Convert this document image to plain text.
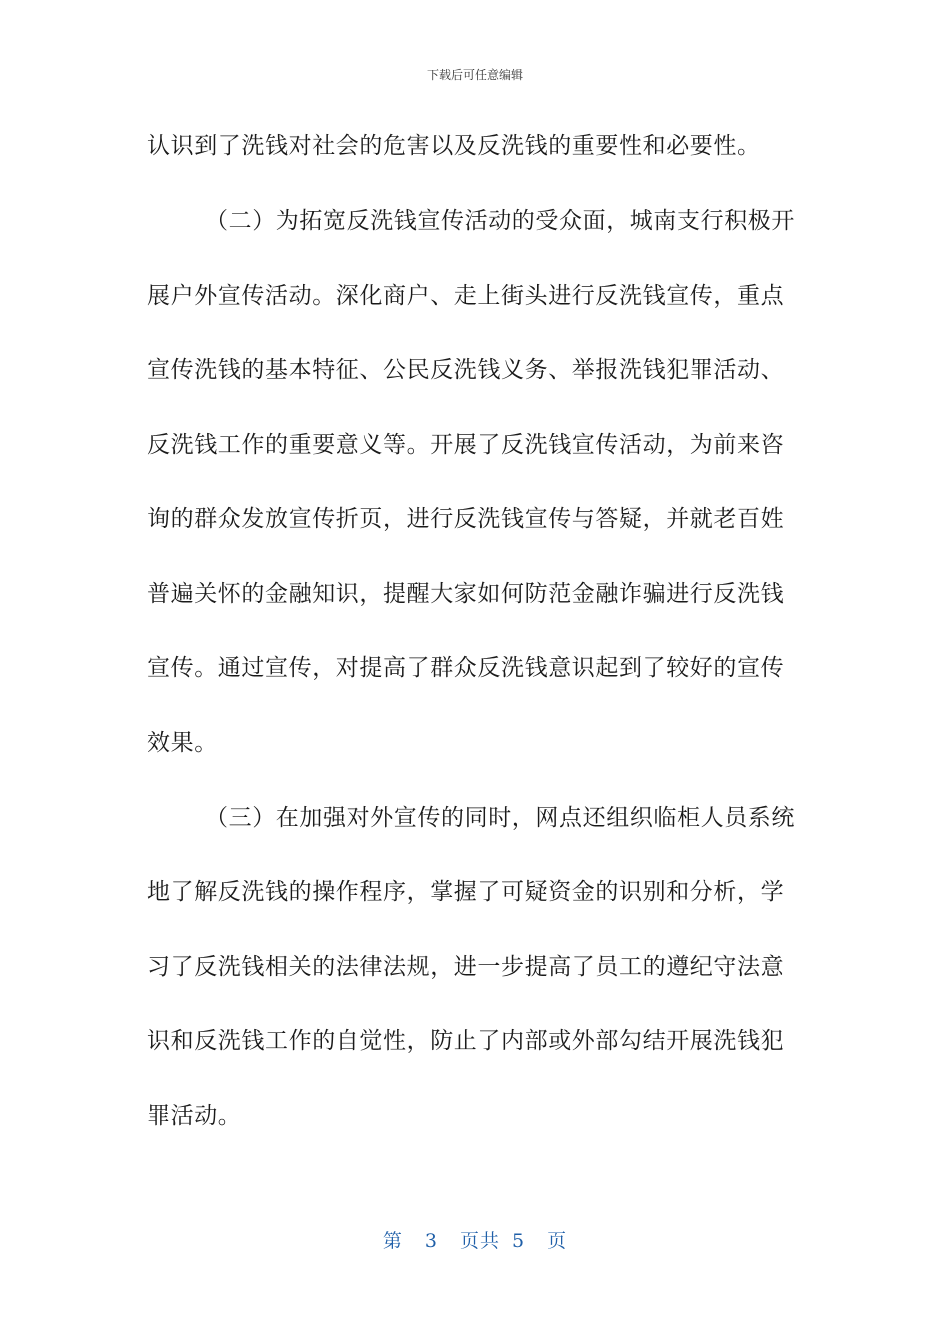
下载后可任意编辑
认识到了洗钱对社会的危害以及反洗钱的重要性和必要性。
（二）为拓宽反洗钱宣传活动的受众面，城南支行积极开
展户外宣传活动。深化商户、走上街头进行反洗钱宣传，重点
宣传洗钱的基本特征、公民反洗钱义务、举报洗钱犯罪活动、
反洗钱工作的重要意义等。开展了反洗钱宣传活动，为前来咨
询的群众发放宣传折页，进行反洗钱宣传与答疑，并就老百姓
普遍关怀的金融知识，提醒大家如何防范金融诈骗进行反洗钱
宣传。通过宣传，对提高了群众反洗钱意识起到了较好的宣传
效果。
（三）在加强对外宣传的同时，网点还组织临柜人员系统
地了解反洗钱的操作程序，掌握了可疑资金的识别和分析，学
习了反洗钱相关的法律法规，进一步提高了员工的遵纪守法意
识和反洗钱工作的自觉性，防止了内部或外部勾结开展洗钱犯
罪活动。
第 3 页共 5 页
